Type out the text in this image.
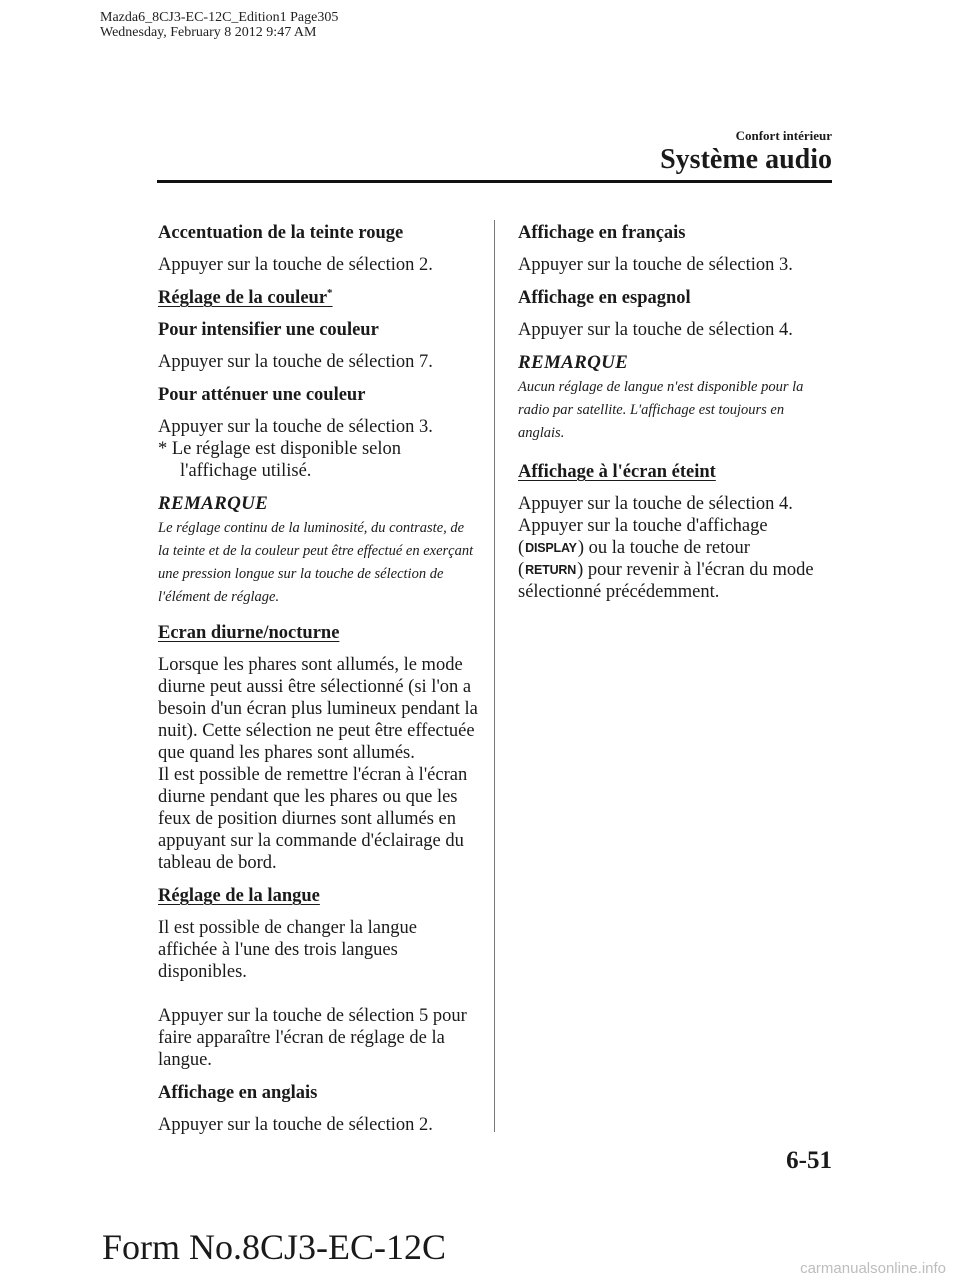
Mazda6_8CJ3-EC-12C_Edition1 Page305
Wednesday, February 8 2012 9:47 AM
Confort intérieur
Système audio
Accentuation de la teinte rouge
Appuyer sur la touche de sélection 2.
Réglage de la couleur*
Pour intensifier une couleur
Appuyer sur la touche de sélection 7.
Pour atténuer une couleur
Appuyer sur la touche de sélection 3.
* Le réglage est disponible selon l'affichage utilisé.
REMARQUE
Le réglage continu de la luminosité, du contraste, de la teinte et de la couleur peut être effectué en exerçant une pression longue sur la touche de sélection de l'élément de réglage.
Ecran diurne/nocturne
Lorsque les phares sont allumés, le mode diurne peut aussi être sélectionné (si l'on a besoin d'un écran plus lumineux pendant la nuit). Cette sélection ne peut être effectuée que quand les phares sont allumés.
Il est possible de remettre l'écran à l'écran diurne pendant que les phares ou que les feux de position diurnes sont allumés en appuyant sur la commande d'éclairage du tableau de bord.
Réglage de la langue
Il est possible de changer la langue affichée à l'une des trois langues disponibles.
Appuyer sur la touche de sélection 5 pour faire apparaître l'écran de réglage de la langue.
Affichage en anglais
Appuyer sur la touche de sélection 2.
Affichage en français
Appuyer sur la touche de sélection 3.
Affichage en espagnol
Appuyer sur la touche de sélection 4.
REMARQUE
Aucun réglage de langue n'est disponible pour la radio par satellite. L'affichage est toujours en anglais.
Affichage à l'écran éteint
Appuyer sur la touche de sélection 4.
Appuyer sur la touche d'affichage
(DISPLAY) ou la touche de retour
(RETURN) pour revenir à l'écran du mode sélectionné précédemment.
6-51
Form No.8CJ3-EC-12C
carmanualsonline.info
